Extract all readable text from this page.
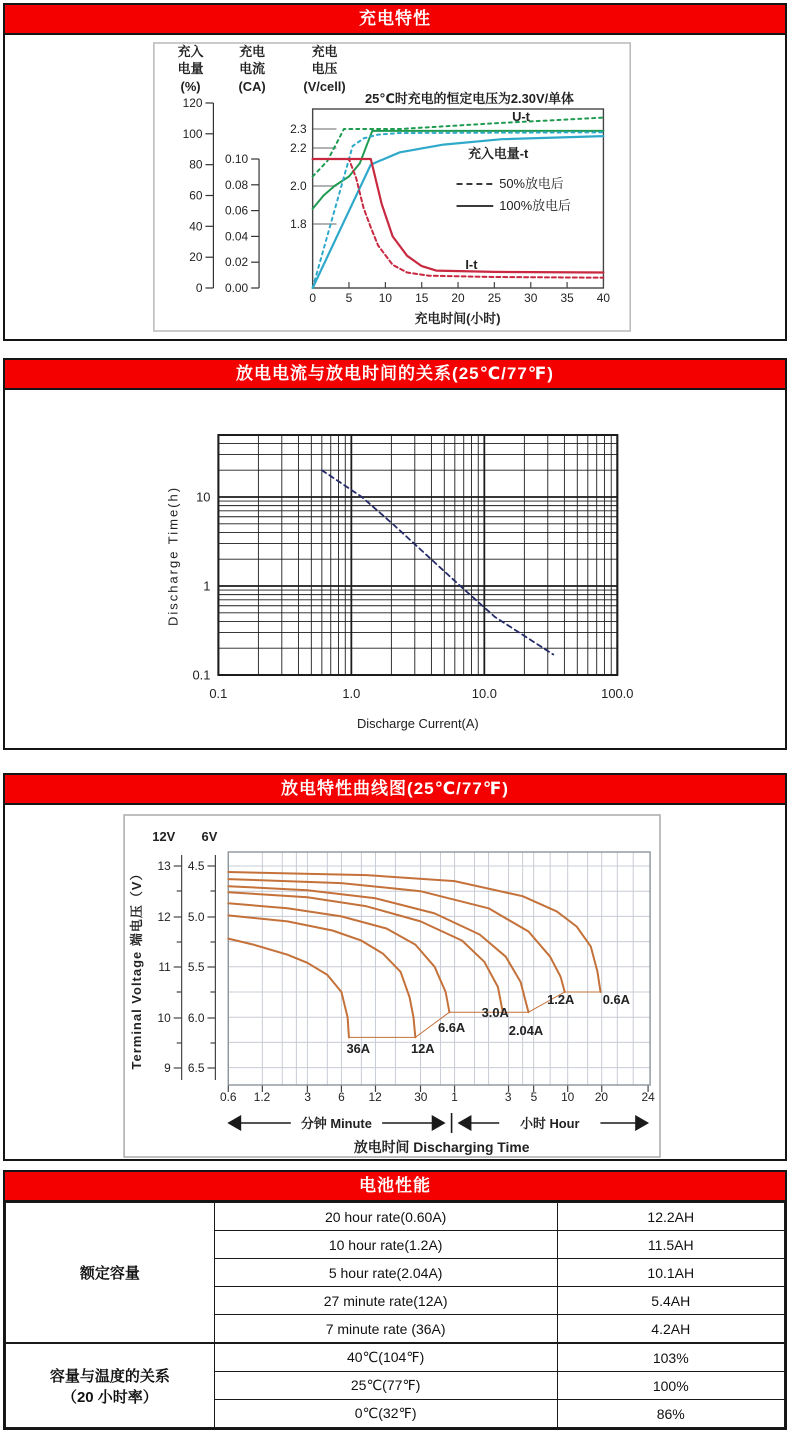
充电特性
充入
电量
(%)
充电
电流
(CA)
充电
电压
(V/cell)
120
100
80
60
40
20
0
0.10
0.08
0.06
0.04
0.02
0.00
2.3
2.2
2.0
1.8
25℃时充电的恒定电压为2.30V/单体
U-t
充入电量-t
I-t
50%放电后
100%放电后
0 5 10 15 20 25 30 35 40
充电时间(小时)
放电电流与放电时间的关系(25℃/77℉)
10
1
0.1
Discharge Time(h)
0.1	1.0	10.0	100.0
Discharge Current(A)
放电特性曲线图(25℃/77℉)
12V 6V
13
12
11
10
9
4.5
5.0
5.5
6.0
6.5
Terminal Voltage 端电压（V）	36A	12A
6.6A
3.0A
2.04A
1.2A 0.6A
0.6 1.2	3 6 12	30 1	3 5 10 20	24
分钟 Minute	小时 Hour
放电时间 Discharging Time
电池性能
额定容量	20 hour rate(0.60A)	12.2AH
	10 hour rate(1.2A)	11.5AH
	5 hour rate(2.04A)	10.1AH
	27 minute rate(12A)	5.4AH
	7 minute rate (36A)	4.2AH

容量与温度的关系
（20 小时率）	40℃(104℉)	103%
	25℃(77℉)	100%
	0℃(32℉)	86%
